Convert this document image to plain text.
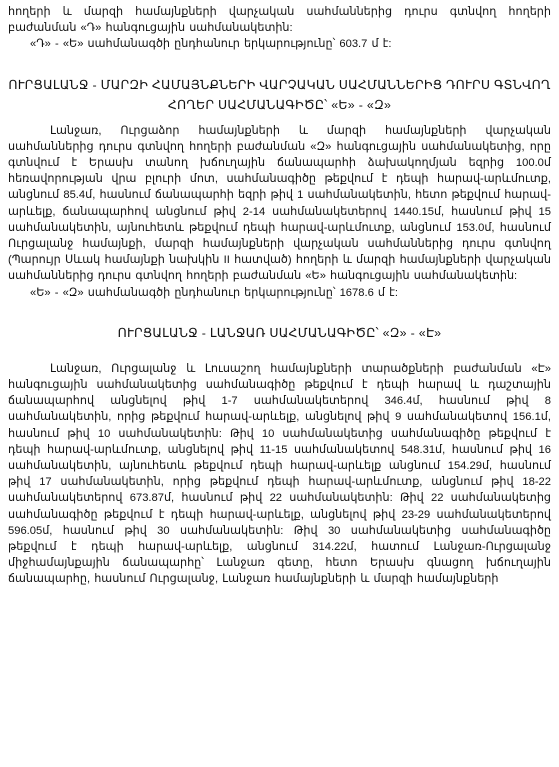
հողերի և մարզի համայնքների վարչական սահմաններից դուրս գտնվող հողերի բաժանման «Դ» հանգուցային սահմանակետին:

«Դ» - «Ե» սահմանագծի ընդհանուր երկարությունը՝ 603.7 մ է:

ՈՒՐՑԱԼԱՆՋ - ՄԱՐԶԻ ՀԱՄԱՅՆՔՆԵՐԻ ՎԱՐՉԱԿԱՆ ՍԱՀՄԱՆՆԵՐԻՑ ԴՈՒՐՍ ԳՏՆՎՈՂ ՀՈՂԵՐ ՍԱՀՄԱՆԱԳԻԾԸ՝ «Ե» - «Զ»

Լանջառ, Ուրցաձոր համայնքների և մարզի համայնքների վարչական սահմաններից դուրս գտնվող հողերի բաժանման «Զ» հանգուցային սահմանակետից, որը գտնվում է Երասխ տանող խճուղային ճանապարհի ձախակողմյան եզրից 100.0մ հեռավորության վրա բլուրի մոտ, սահմանագիծը թեքվում է դեպի հարավ-արևմուտք, անցնում 85.4մ, հասնում ճանապարհի եզրի թիվ 1 սահմանակետին, հետո թեքվում հարավ-արևելք, ճանապարհով անցնում թիվ 2-14 սահմանակետերով 1440.15մ, հասնում թիվ 15 սահմանակետին, այնուհետև թեքվում դեպի հարավ-արևմուտք, անցնում 153.0մ, հասնում Ուրցալանջ համայնքի, մարզի համայնքների վարչական սահմաններից դուրս գտնվող (Պարույր Սևակ համայնքի նախկին II հատված) հողերի և մարզի համայնքների վարչական սահմաններից դուրս գտնվող հողերի բաժանման «Ե» հանգուցային սահմանակետին:

«Ե» - «Զ» սահմանագծի ընդհանուր երկարությունը՝ 1678.6 մ է:

ՈՒՐՑԱԼԱՆՋ - ԼԱՆՋԱՌ ՍԱՀՄԱՆԱԳԻԾԸ՝ «Զ» - «Է»

Լանջառ, Ուրցալանջ և Լուսաշող համայնքների տարածքների բաժանման «Է» հանգուցային սահմանակետից սահմանագիծը թեքվում է դեպի հարավ և դաշտային ճանապարհով անցնելով թիվ 1-7 սահմանակետերով 346.4մ, հասնում թիվ 8 սահմանակետին, որից թեքվում հարավ-արևելք, անցնելով թիվ 9 սահմանակետով 156.1մ, հասնում թիվ 10 սահմանակետին: Թիվ 10 սահմանակետից սահմանագիծը թեքվում է դեպի հարավ-արևմուտք, անցնելով թիվ 11-15 սահմանակետով 548.31մ, հասնում թիվ 16 սահմանակետին, այնուհետև թեքվում դեպի հարավ-արևելք անցնում 154.29մ, հասնում թիվ 17 սահմանակետին, որից թեքվում դեպի հարավ-արևմուտք, անցնում թիվ 18-22 սահմանակետերով 673.87մ, հասնում թիվ 22 սահմանակետին: Թիվ 22 սահմանակետից սահմանագիծը թեքվում է դեպի հարավ-արևելք, անցնելով թիվ 23-29 սահմանակետերով 596.05մ, հասնում թիվ 30 սահմանակետին: Թիվ 30 սահմանակետից սահմանագիծը թեքվում է դեպի հարավ-արևելք, անցնում 314.22մ, հատում Լանջառ-Ուրցալանջ միջհամայնքային ճանապարհը՝ Լանջառ գետը, հետո Երասխ գնացող խճուղային ճանապարհը, հասնում Ուրցալանջ, Լանջառ համայնքների և մարզի համայնքների
